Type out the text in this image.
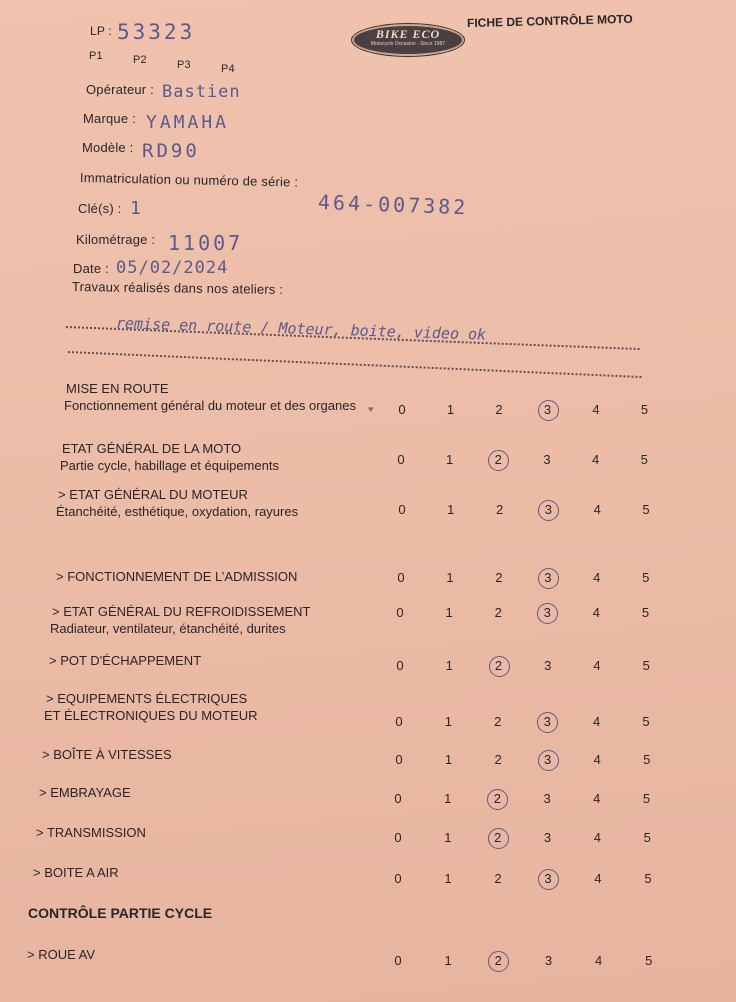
LP : 53323	BIKE ECO
Motocyclo Occasion · Since 1987
FICHE DE CONTRÔLE MOTO
P1	P2	P3	P4
Opérateur : Bastien
Marque : YAMAHA
Modèle : RD90
Immatriculation ou numéro de série :
464-007382
Clé(s) : 1
Kilométrage : 11007
Date : 05/02/2024
Travaux réalisés dans nos ateliers :
remise en route / Moteur, boite, video ok
♥
MISE EN ROUTE
Fonctionnement général du moteur et des organes	0	1	2	3	4	5
ETAT GÉNÉRAL DE LA MOTO
Partie cycle, habillage et équipements	0	1	2	3	4	5
> ETAT GÉNÉRAL DU MOTEUR
Étanchéité, esthétique, oxydation, rayures	0	1	2	3	4	5
> FONCTIONNEMENT DE L’ADMISSION	0	1	2	3	4	5
> ETAT GÉNÉRAL DU REFROIDISSEMENT
Radiateur, ventilateur, étanchéité, durites
0	1	2	3	4	5
> POT D'ÉCHAPPEMENT	0	1	2	3	4	5
> EQUIPEMENTS ÉLECTRIQUES
ET ÉLECTRONIQUES DU MOTEUR	0	1	2	3	4	5
> BOÎTE À VITESSES	0	1	2	3	4	5
> EMBRAYAGE	0	1	2	3	4	5
> TRANSMISSION	0	1	2	3	4	5
> BOITE A AIR	0	1	2	3	4	5
> ROUE AV	0	1	2	3	4	5
CONTRÔLE PARTIE CYCLE
